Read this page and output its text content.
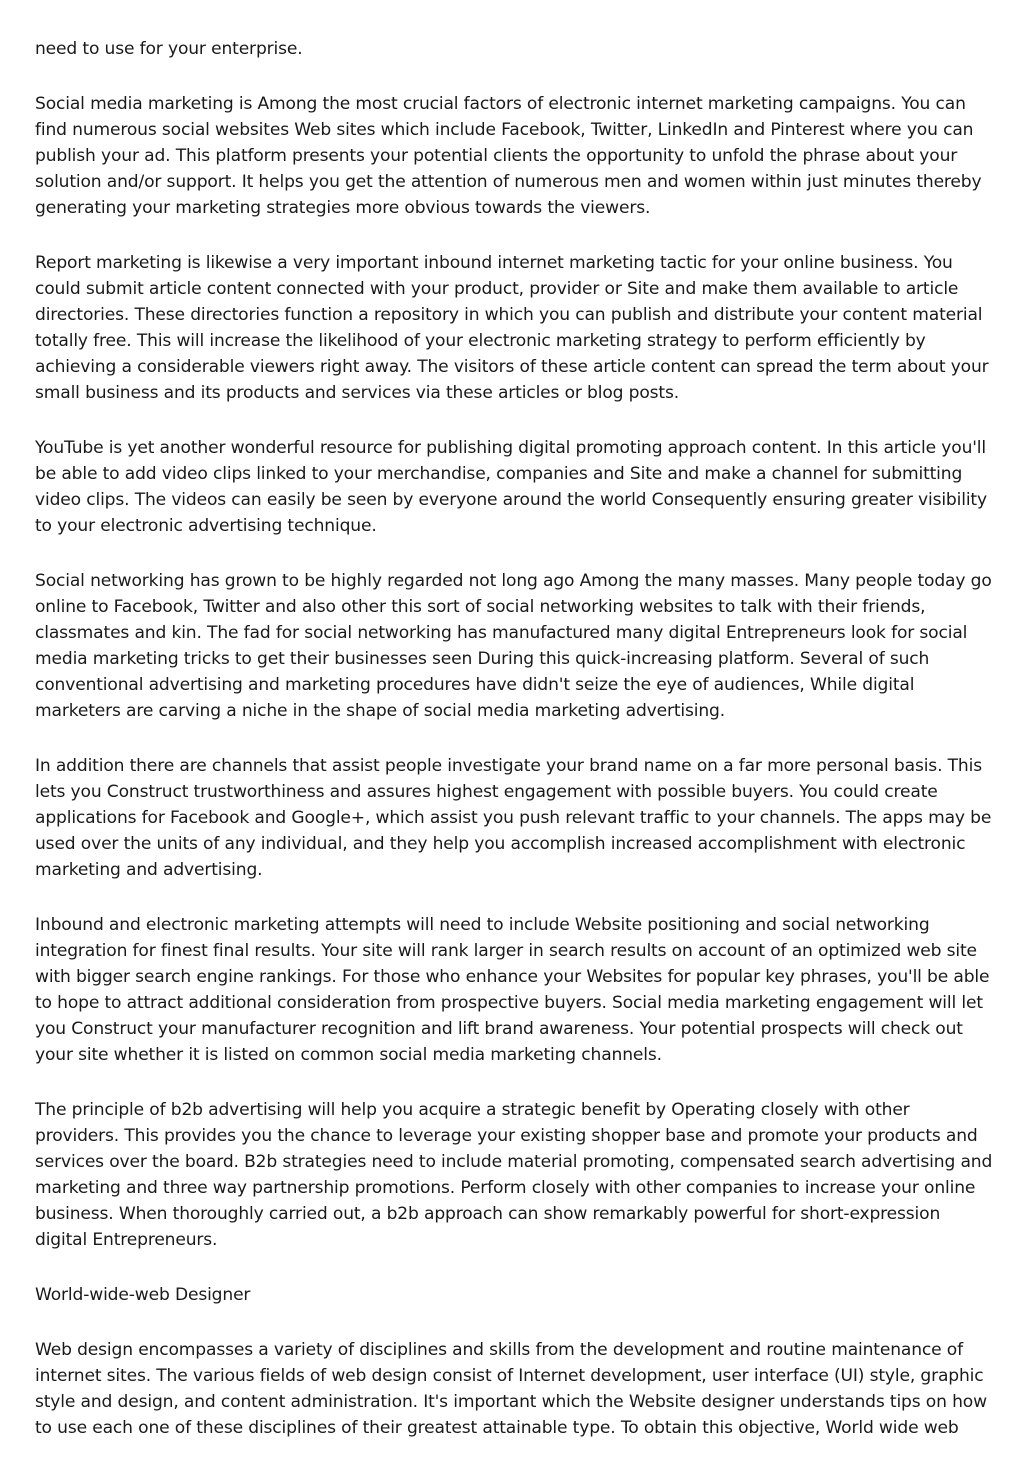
need to use for your enterprise.

Social media marketing is Among the most crucial factors of electronic internet marketing campaigns. You can find numerous social websites Web sites which include Facebook, Twitter, LinkedIn and Pinterest where you can publish your ad. This platform presents your potential clients the opportunity to unfold the phrase about your solution and/or support. It helps you get the attention of numerous men and women within just minutes thereby generating your marketing strategies more obvious towards the viewers.

Report marketing is likewise a very important inbound internet marketing tactic for your online business. You could submit article content connected with your product, provider or Site and make them available to article directories. These directories function a repository in which you can publish and distribute your content material totally free. This will increase the likelihood of your electronic marketing strategy to perform efficiently by achieving a considerable viewers right away. The visitors of these article content can spread the term about your small business and its products and services via these articles or blog posts.

YouTube is yet another wonderful resource for publishing digital promoting approach content. In this article you'll be able to add video clips linked to your merchandise, companies and Site and make a channel for submitting video clips. The videos can easily be seen by everyone around the world Consequently ensuring greater visibility to your electronic advertising technique.

Social networking has grown to be highly regarded not long ago Among the many masses. Many people today go online to Facebook, Twitter and also other this sort of social networking websites to talk with their friends, classmates and kin. The fad for social networking has manufactured many digital Entrepreneurs look for social media marketing tricks to get their businesses seen During this quick-increasing platform. Several of such conventional advertising and marketing procedures have didn't seize the eye of audiences, While digital marketers are carving a niche in the shape of social media marketing advertising.

In addition there are channels that assist people investigate your brand name on a far more personal basis. This lets you Construct trustworthiness and assures highest engagement with possible buyers. You could create applications for Facebook and Google+, which assist you push relevant traffic to your channels. The apps may be used over the units of any individual, and they help you accomplish increased accomplishment with electronic marketing and advertising.

Inbound and electronic marketing attempts will need to include Website positioning and social networking integration for finest final results. Your site will rank larger in search results on account of an optimized web site with bigger search engine rankings. For those who enhance your Websites for popular key phrases, you'll be able to hope to attract additional consideration from prospective buyers. Social media marketing engagement will let you Construct your manufacturer recognition and lift brand awareness. Your potential prospects will check out your site whether it is listed on common social media marketing channels.

The principle of b2b advertising will help you acquire a strategic benefit by Operating closely with other providers. This provides you the chance to leverage your existing shopper base and promote your products and services over the board. B2b strategies need to include material promoting, compensated search advertising and marketing and three way partnership promotions. Perform closely with other companies to increase your online business. When thoroughly carried out, a b2b approach can show remarkably powerful for short-expression digital Entrepreneurs.

World-wide-web Designer

Web design encompasses a variety of disciplines and skills from the development and routine maintenance of internet sites. The various fields of web design consist of Internet development, user interface (UI) style, graphic style and design, and content administration. It's important which the Website designer understands tips on how to use each one of these disciplines of their greatest attainable type. To obtain this objective, World wide web
